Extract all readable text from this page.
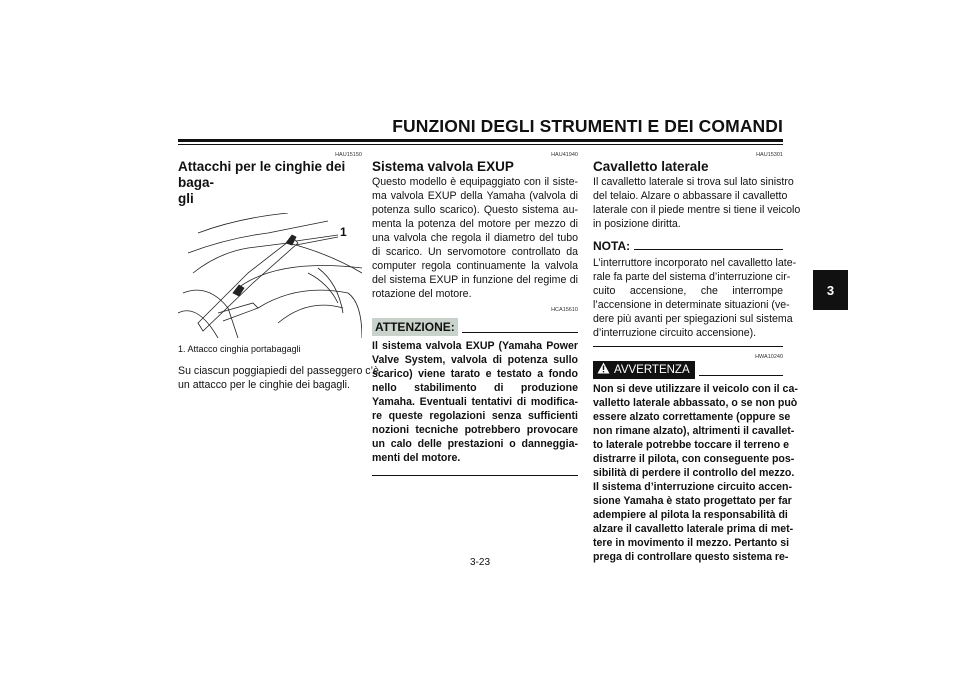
FUNZIONI DEGLI STRUMENTI E DEI COMANDI
HAU15150
Attacchi per le cinghie dei baga-
gli
1
1. Attacco cinghia portabagagli
Su ciascun poggiapiedi del passeggero c’è
un attacco per le cinghie dei bagagli.
HAU41940
Sistema valvola EXUP
Questo modello è equipaggiato con il siste-
ma valvola EXUP della Yamaha (valvola di
potenza sullo scarico). Questo sistema au-
menta la potenza del motore per mezzo di
una valvola che regola il diametro del tubo
di scarico. Un servomotore controllato da
computer regola continuamente la valvola
del sistema EXUP in funzione del regime di
rotazione del motore.
HCA15610
ATTENZIONE:
Il sistema valvola EXUP (Yamaha Power
Valve System, valvola di potenza sullo
scarico) viene tarato e testato a fondo
nello stabilimento di produzione
Yamaha. Eventuali tentativi di modifica-
re queste regolazioni senza sufficienti
nozioni tecniche potrebbero provocare
un calo delle prestazioni o danneggia-
menti del motore.
HAU15301
Cavalletto laterale
Il cavalletto laterale si trova sul lato sinistro
del telaio. Alzare o abbassare il cavalletto
laterale con il piede mentre si tiene il veicolo
in posizione diritta.
NOTA:
L’interruttore incorporato nel cavalletto late-
rale fa parte del sistema d’interruzione cir-
cuito accensione, che interrompe
l’accensione in determinate situazioni (ve-
dere più avanti per spiegazioni sul sistema
d’interruzione circuito accensione).
HWA10240
AVVERTENZA
Non si deve utilizzare il veicolo con il ca-
valletto laterale abbassato, o se non può
essere alzato correttamente (oppure se
non rimane alzato), altrimenti il cavallet-
to laterale potrebbe toccare il terreno e
distrarre il pilota, con conseguente pos-
sibilità di perdere il controllo del mezzo.
Il sistema d’interruzione circuito accen-
sione Yamaha è stato progettato per far
adempiere al pilota la responsabilità di
alzare il cavalletto laterale prima di met-
tere in movimento il mezzo. Pertanto si
prega di controllare questo sistema re-
3
3-23
